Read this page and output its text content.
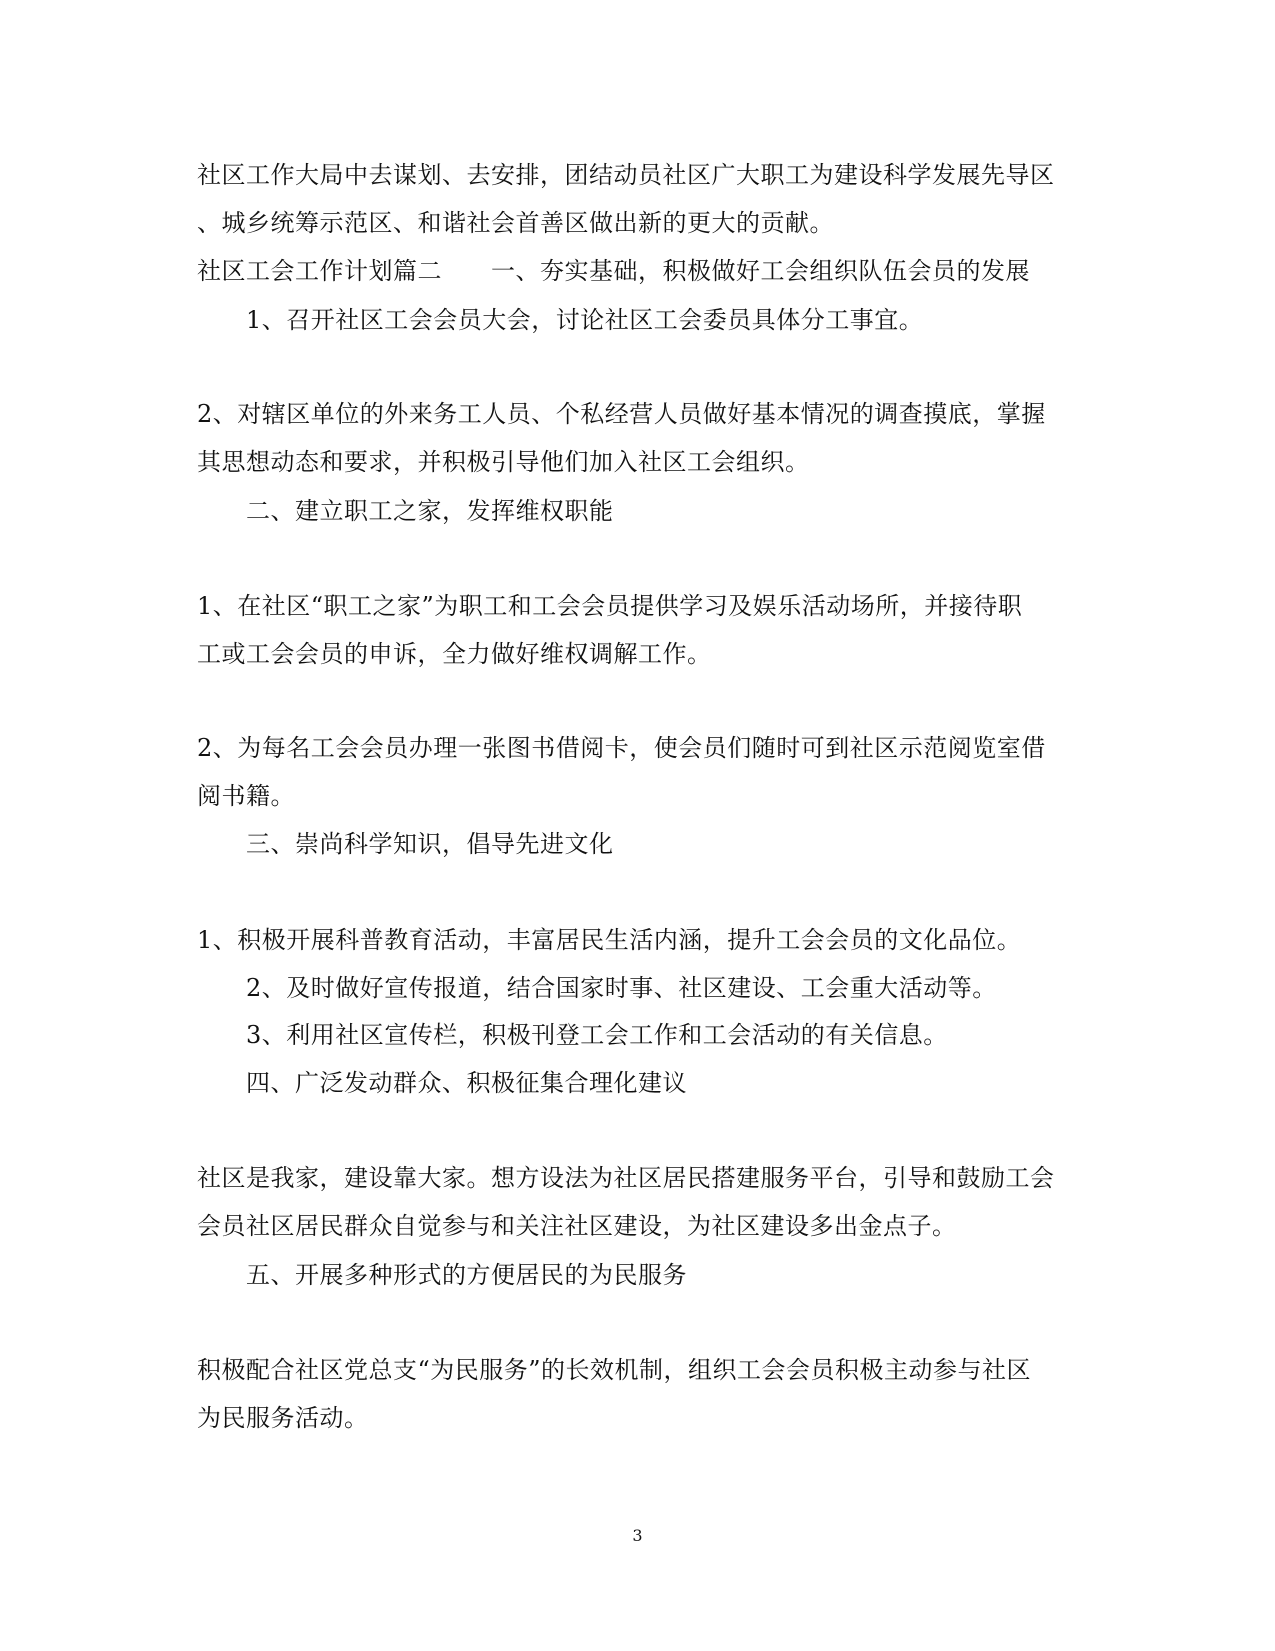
社区工作大局中去谋划、去安排，团结动员社区广大职工为建设科学发展先导区
、城乡统筹示范区、和谐社会首善区做出新的更大的贡献。
社区工会工作计划篇二　　一、夯实基础，积极做好工会组织队伍会员的发展
1、召开社区工会会员大会，讨论社区工会委员具体分工事宜。
2、对辖区单位的外来务工人员、个私经营人员做好基本情况的调查摸底，掌握
其思想动态和要求，并积极引导他们加入社区工会组织。
二、建立职工之家，发挥维权职能
1、在社区“职工之家”为职工和工会会员提供学习及娱乐活动场所，并接待职
工或工会会员的申诉，全力做好维权调解工作。
2、为每名工会会员办理一张图书借阅卡，使会员们随时可到社区示范阅览室借
阅书籍。
三、崇尚科学知识，倡导先进文化
1、积极开展科普教育活动，丰富居民生活内涵，提升工会会员的文化品位。
2、及时做好宣传报道，结合国家时事、社区建设、工会重大活动等。
3、利用社区宣传栏，积极刊登工会工作和工会活动的有关信息。
四、广泛发动群众、积极征集合理化建议
社区是我家，建设靠大家。想方设法为社区居民搭建服务平台，引导和鼓励工会
会员社区居民群众自觉参与和关注社区建设，为社区建设多出金点子。
五、开展多种形式的方便居民的为民服务
积极配合社区党总支“为民服务”的长效机制，组织工会会员积极主动参与社区
为民服务活动。
3
